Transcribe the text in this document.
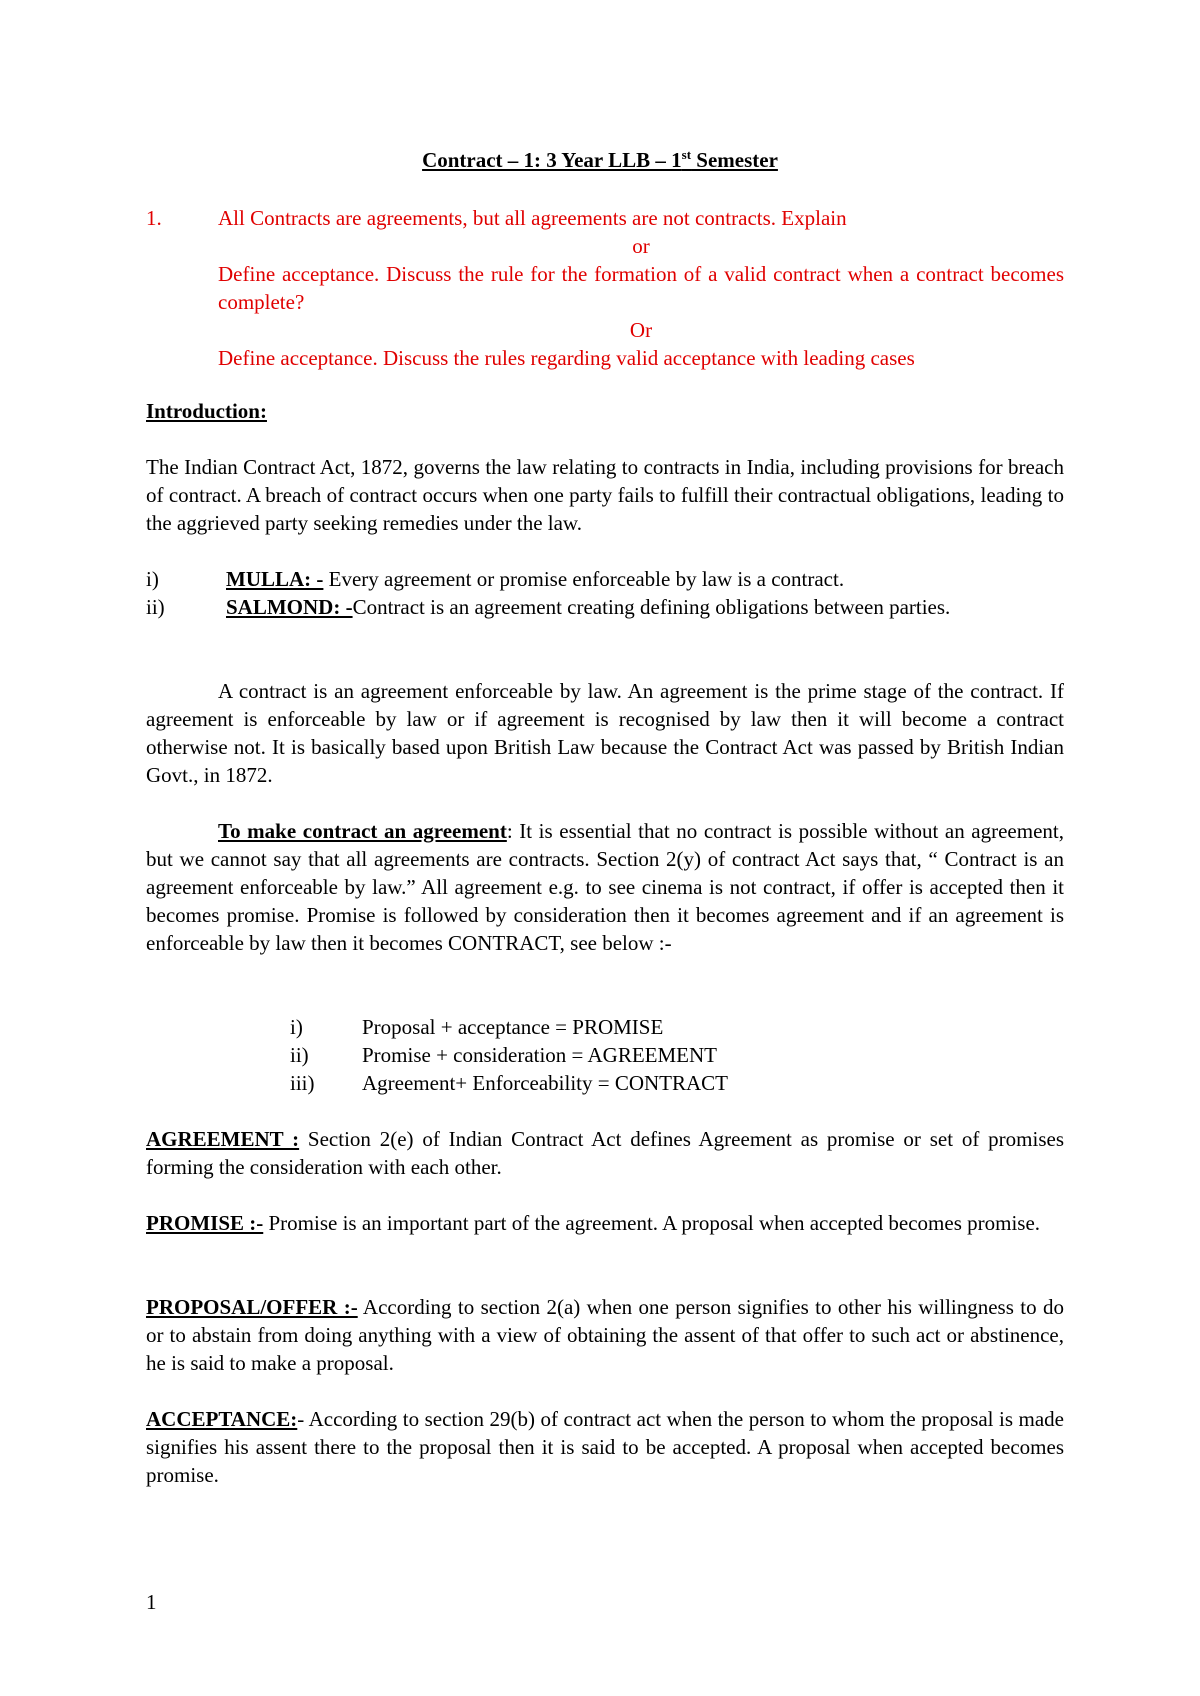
Contract – 1: 3 Year LLB – 1st Semester
1.	All Contracts are agreements, but all agreements are not contracts. Explain
or
Define acceptance. Discuss the rule for the formation of a valid contract when a contract becomes complete?
Or
Define acceptance. Discuss the rules regarding valid acceptance with leading cases
Introduction:

The Indian Contract Act, 1872, governs the law relating to contracts in India, including provisions for breach of contract. A breach of contract occurs when one party fails to fulfill their contractual obligations, leading to the aggrieved party seeking remedies under the law.

i)	MULLA: - Every agreement or promise enforceable by law is a contract.
ii)	SALMOND: -Contract is an agreement creating defining obligations between parties.

A contract is an agreement enforceable by law. An agreement is the prime stage of the contract. If agreement is enforceable by law or if agreement is recognised by law then it will become a contract otherwise not. It is basically based upon British Law because the Contract Act was passed by British Indian Govt., in 1872.

To make contract an agreement: It is essential that no contract is possible without an agreement, but we cannot say that all agreements are contracts. Section 2(y) of contract Act says that, “ Contract is an agreement enforceable by law.” All agreement e.g. to see cinema is not contract, if offer is accepted then it becomes promise. Promise is followed by consideration then it becomes agreement and if an agreement is enforceable by law then it becomes CONTRACT, see below :-
i)	Proposal + acceptance = PROMISE
ii)	Promise + consideration = AGREEMENT
iii) Agreement+ Enforceability = CONTRACT
AGREEMENT : Section 2(e) of Indian Contract Act defines Agreement as promise or set of promises forming the consideration with each other.
PROMISE :- Promise is an important part of the agreement. A proposal when accepted becomes promise.
PROPOSAL/OFFER :- According to section 2(a) when one person signifies to other his willingness to do or to abstain from doing anything with a view of obtaining the assent of that offer to such act or abstinence, he is said to make a proposal.
ACCEPTANCE:- According to section 29(b) of contract act when the person to whom the proposal is made signifies his assent there to the proposal then it is said to be accepted. A proposal when accepted becomes promise.
1
